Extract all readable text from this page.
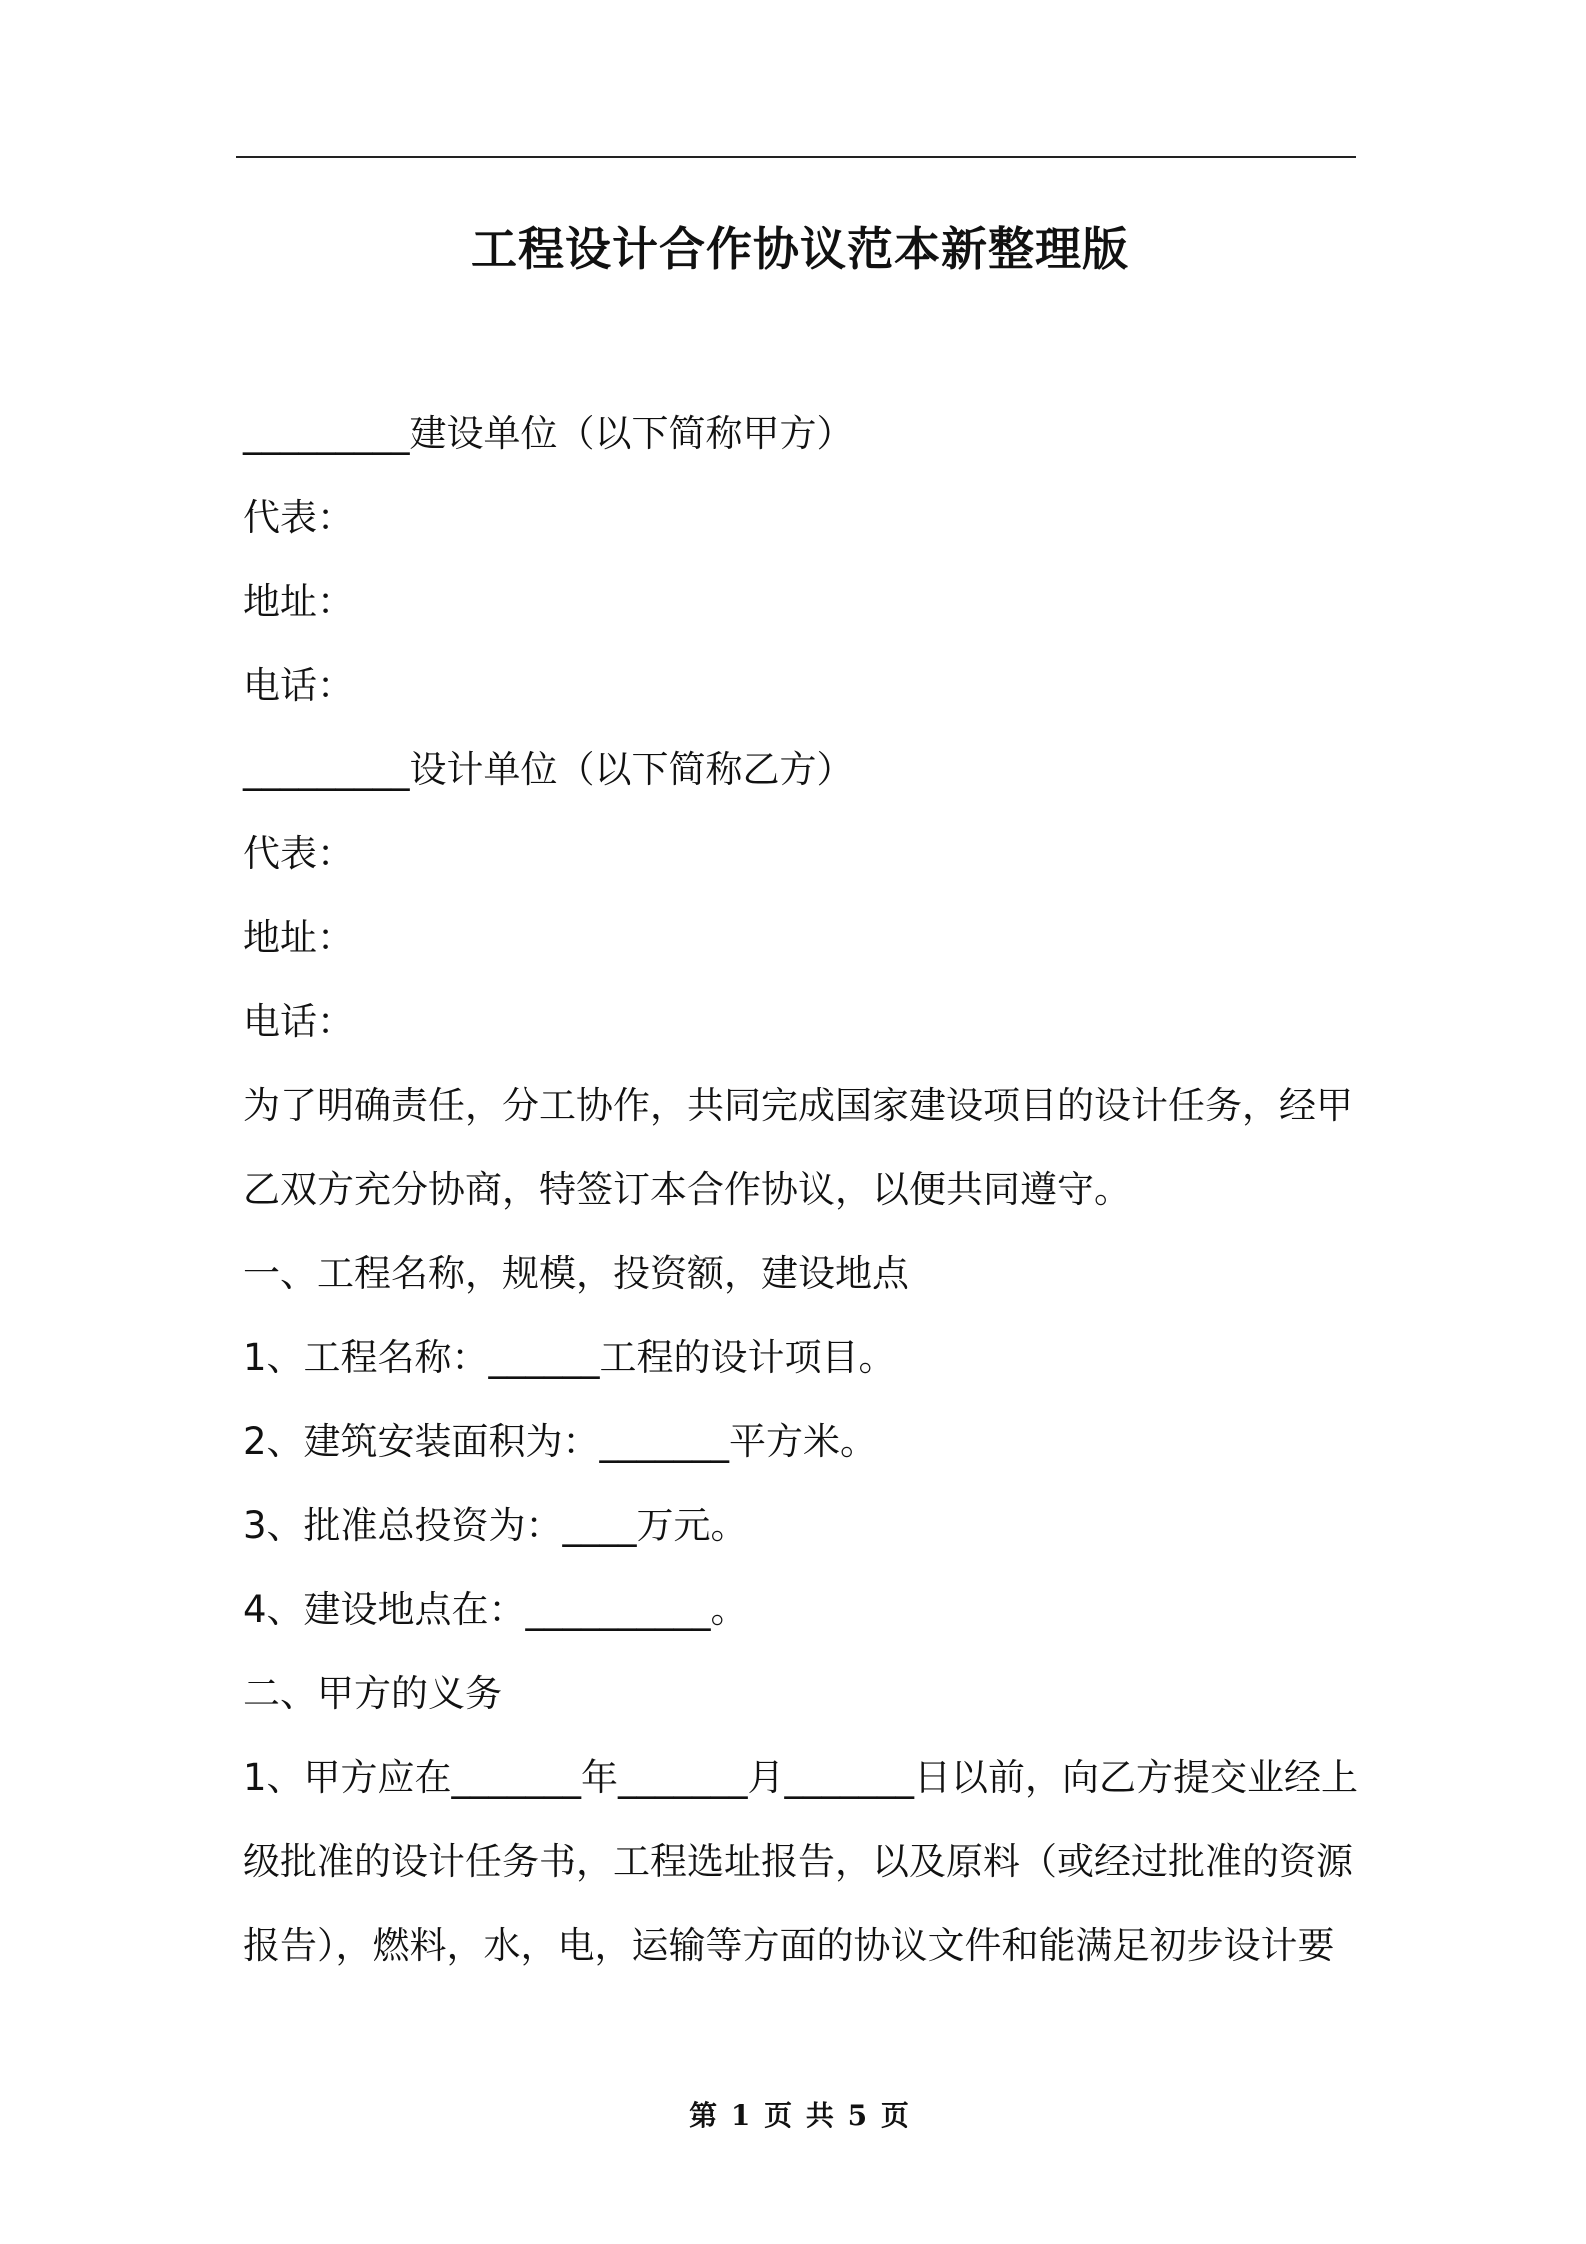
工程设计合作协议范本新整理版
_________建设单位（以下简称甲方）
代表：
地址：
电话：
_________设计单位（以下简称乙方）
代表：
地址：
电话：
为了明确责任，分工协作，共同完成国家建设项目的设计任务，经甲
乙双方充分协商，特签订本合作协议，以便共同遵守。
一、工程名称，规模，投资额，建设地点
1、工程名称：______工程的设计项目。
2、建筑安装面积为：_______平方米。
3、批准总投资为：____万元。
4、建设地点在：__________。
二、甲方的义务
1、甲方应在_______年_______月_______日以前，向乙方提交业经上
级批准的设计任务书，工程选址报告，以及原料（或经过批准的资源
报告），燃料，水，电，运输等方面的协议文件和能满足初步设计要
第 1 页 共 5 页
